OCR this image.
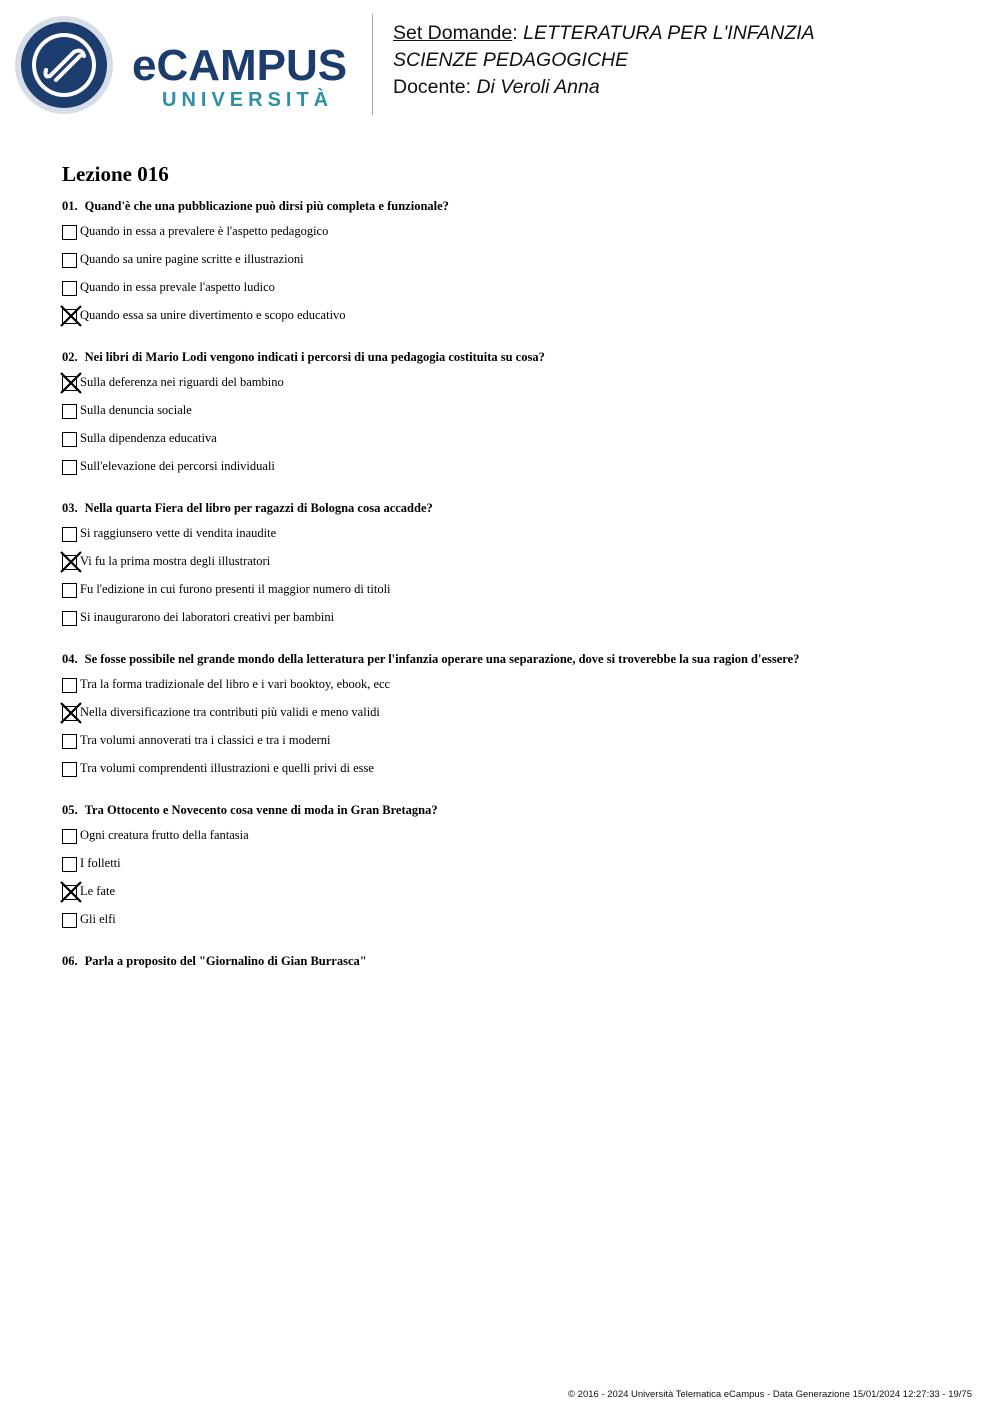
eCAMPUS
UNIVERSITÀ
Set Domande: LETTERATURA PER L'INFANZIA
SCIENZE PEDAGOGICHE
Docente: Di Veroli Anna
Lezione 016
01. Quand'è che una pubblicazione può dirsi più completa e funzionale?
Quando in essa a prevalere è l'aspetto pedagogico
Quando sa unire pagine scritte e illustrazioni
Quando in essa prevale l'aspetto ludico
Quando essa sa unire divertimento e scopo educativo
02. Nei libri di Mario Lodi vengono indicati i percorsi di una pedagogia costituita su cosa?
Sulla deferenza nei riguardi del bambino
Sulla denuncia sociale
Sulla dipendenza educativa
Sull'elevazione dei percorsi individuali
03. Nella quarta Fiera del libro per ragazzi di Bologna cosa accadde?
Si raggiunsero vette di vendita inaudite
Vi fu la prima mostra degli illustratori
Fu l'edizione in cui furono presenti il maggior numero di titoli
Si inaugurarono dei laboratori creativi per bambini
04. Se fosse possibile nel grande mondo della letteratura per l'infanzia operare una separazione, dove si troverebbe la sua ragion d'essere?
Tra la forma tradizionale del libro e i vari booktoy, ebook, ecc
Nella diversificazione tra contributi più validi e meno validi
Tra volumi annoverati tra i classici e tra i moderni
Tra volumi comprendenti illustrazioni e quelli privi di esse
05. Tra Ottocento e Novecento cosa venne di moda in Gran Bretagna?
Ogni creatura frutto della fantasia
I folletti
Le fate
Gli elfi
06. Parla a proposito del "Giornalino di Gian Burrasca"
© 2016 - 2024 Università Telematica eCampus - Data Generazione 15/01/2024 12:27:33 - 19/75
